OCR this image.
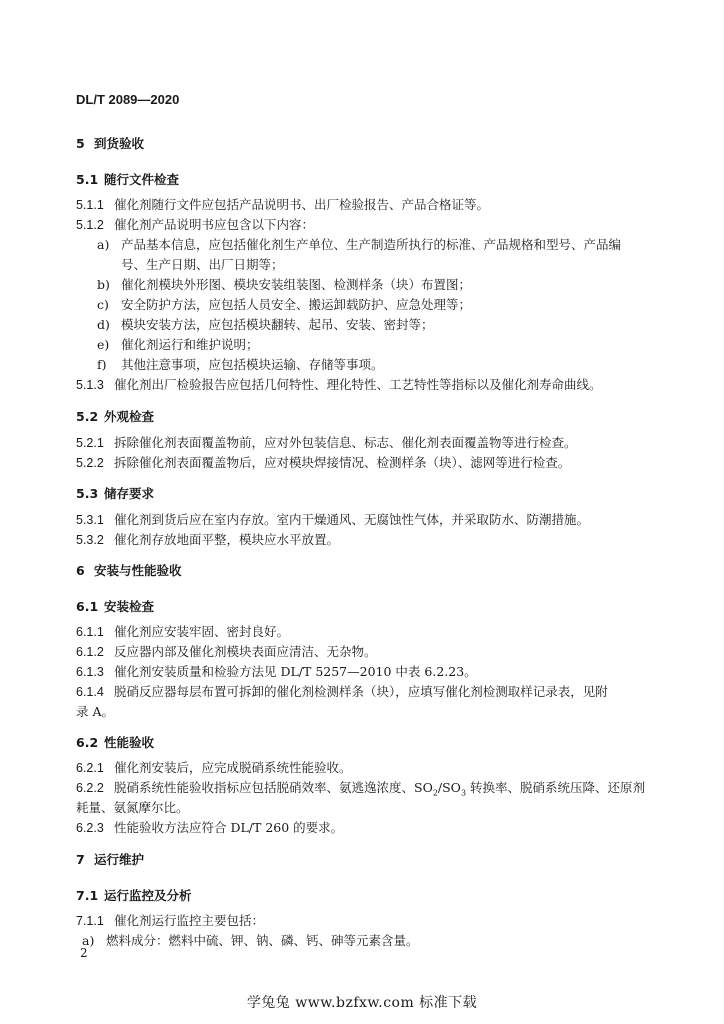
DL/T 2089—2020
5 到货验收
5.1 随行文件检查
5.1.1 催化剂随行文件应包括产品说明书、出厂检验报告、产品合格证等。
5.1.2 催化剂产品说明书应包含以下内容：
a) 产品基本信息，应包括催化剂生产单位、生产制造所执行的标准、产品规格和型号、产品编
号、生产日期、出厂日期等；
b) 催化剂模块外形图、模块安装组装图、检测样条（块）布置图；
c) 安全防护方法，应包括人员安全、搬运卸载防护、应急处理等；
d) 模块安装方法，应包括模块翻转、起吊、安装、密封等；
e) 催化剂运行和维护说明；
f) 其他注意事项，应包括模块运输、存储等事项。
5.1.3 催化剂出厂检验报告应包括几何特性、理化特性、工艺特性等指标以及催化剂寿命曲线。
5.2 外观检查
5.2.1 拆除催化剂表面覆盖物前，应对外包装信息、标志、催化剂表面覆盖物等进行检查。
5.2.2 拆除催化剂表面覆盖物后，应对模块焊接情况、检测样条（块）、滤网等进行检查。
5.3 储存要求
5.3.1 催化剂到货后应在室内存放。室内干燥通风、无腐蚀性气体，并采取防水、防潮措施。
5.3.2 催化剂存放地面平整，模块应水平放置。
6 安装与性能验收
6.1 安装检查
6.1.1 催化剂应安装牢固、密封良好。
6.1.2 反应器内部及催化剂模块表面应清洁、无杂物。
6.1.3 催化剂安装质量和检验方法见 DL/T 5257—2010 中表 6.2.23。
6.1.4 脱硝反应器每层布置可拆卸的催化剂检测样条（块），应填写催化剂检测取样记录表，见附
录 A。
6.2 性能验收
6.2.1 催化剂安装后，应完成脱硝系统性能验收。
6.2.2 脱硝系统性能验收指标应包括脱硝效率、氨逃逸浓度、$SO_2/SO_3$ 转换率、脱硝系统压降、还原剂
耗量、氨氮摩尔比。
6.2.3 性能验收方法应符合 DL/T 260 的要求。
7 运行维护
7.1 运行监控及分析
7.1.1 催化剂运行监控主要包括：
a) 燃料成分：燃料中硫、钾、钠、磷、钙、砷等元素含量。
2
学兔兔 www.bzfxw.com 标准下载
